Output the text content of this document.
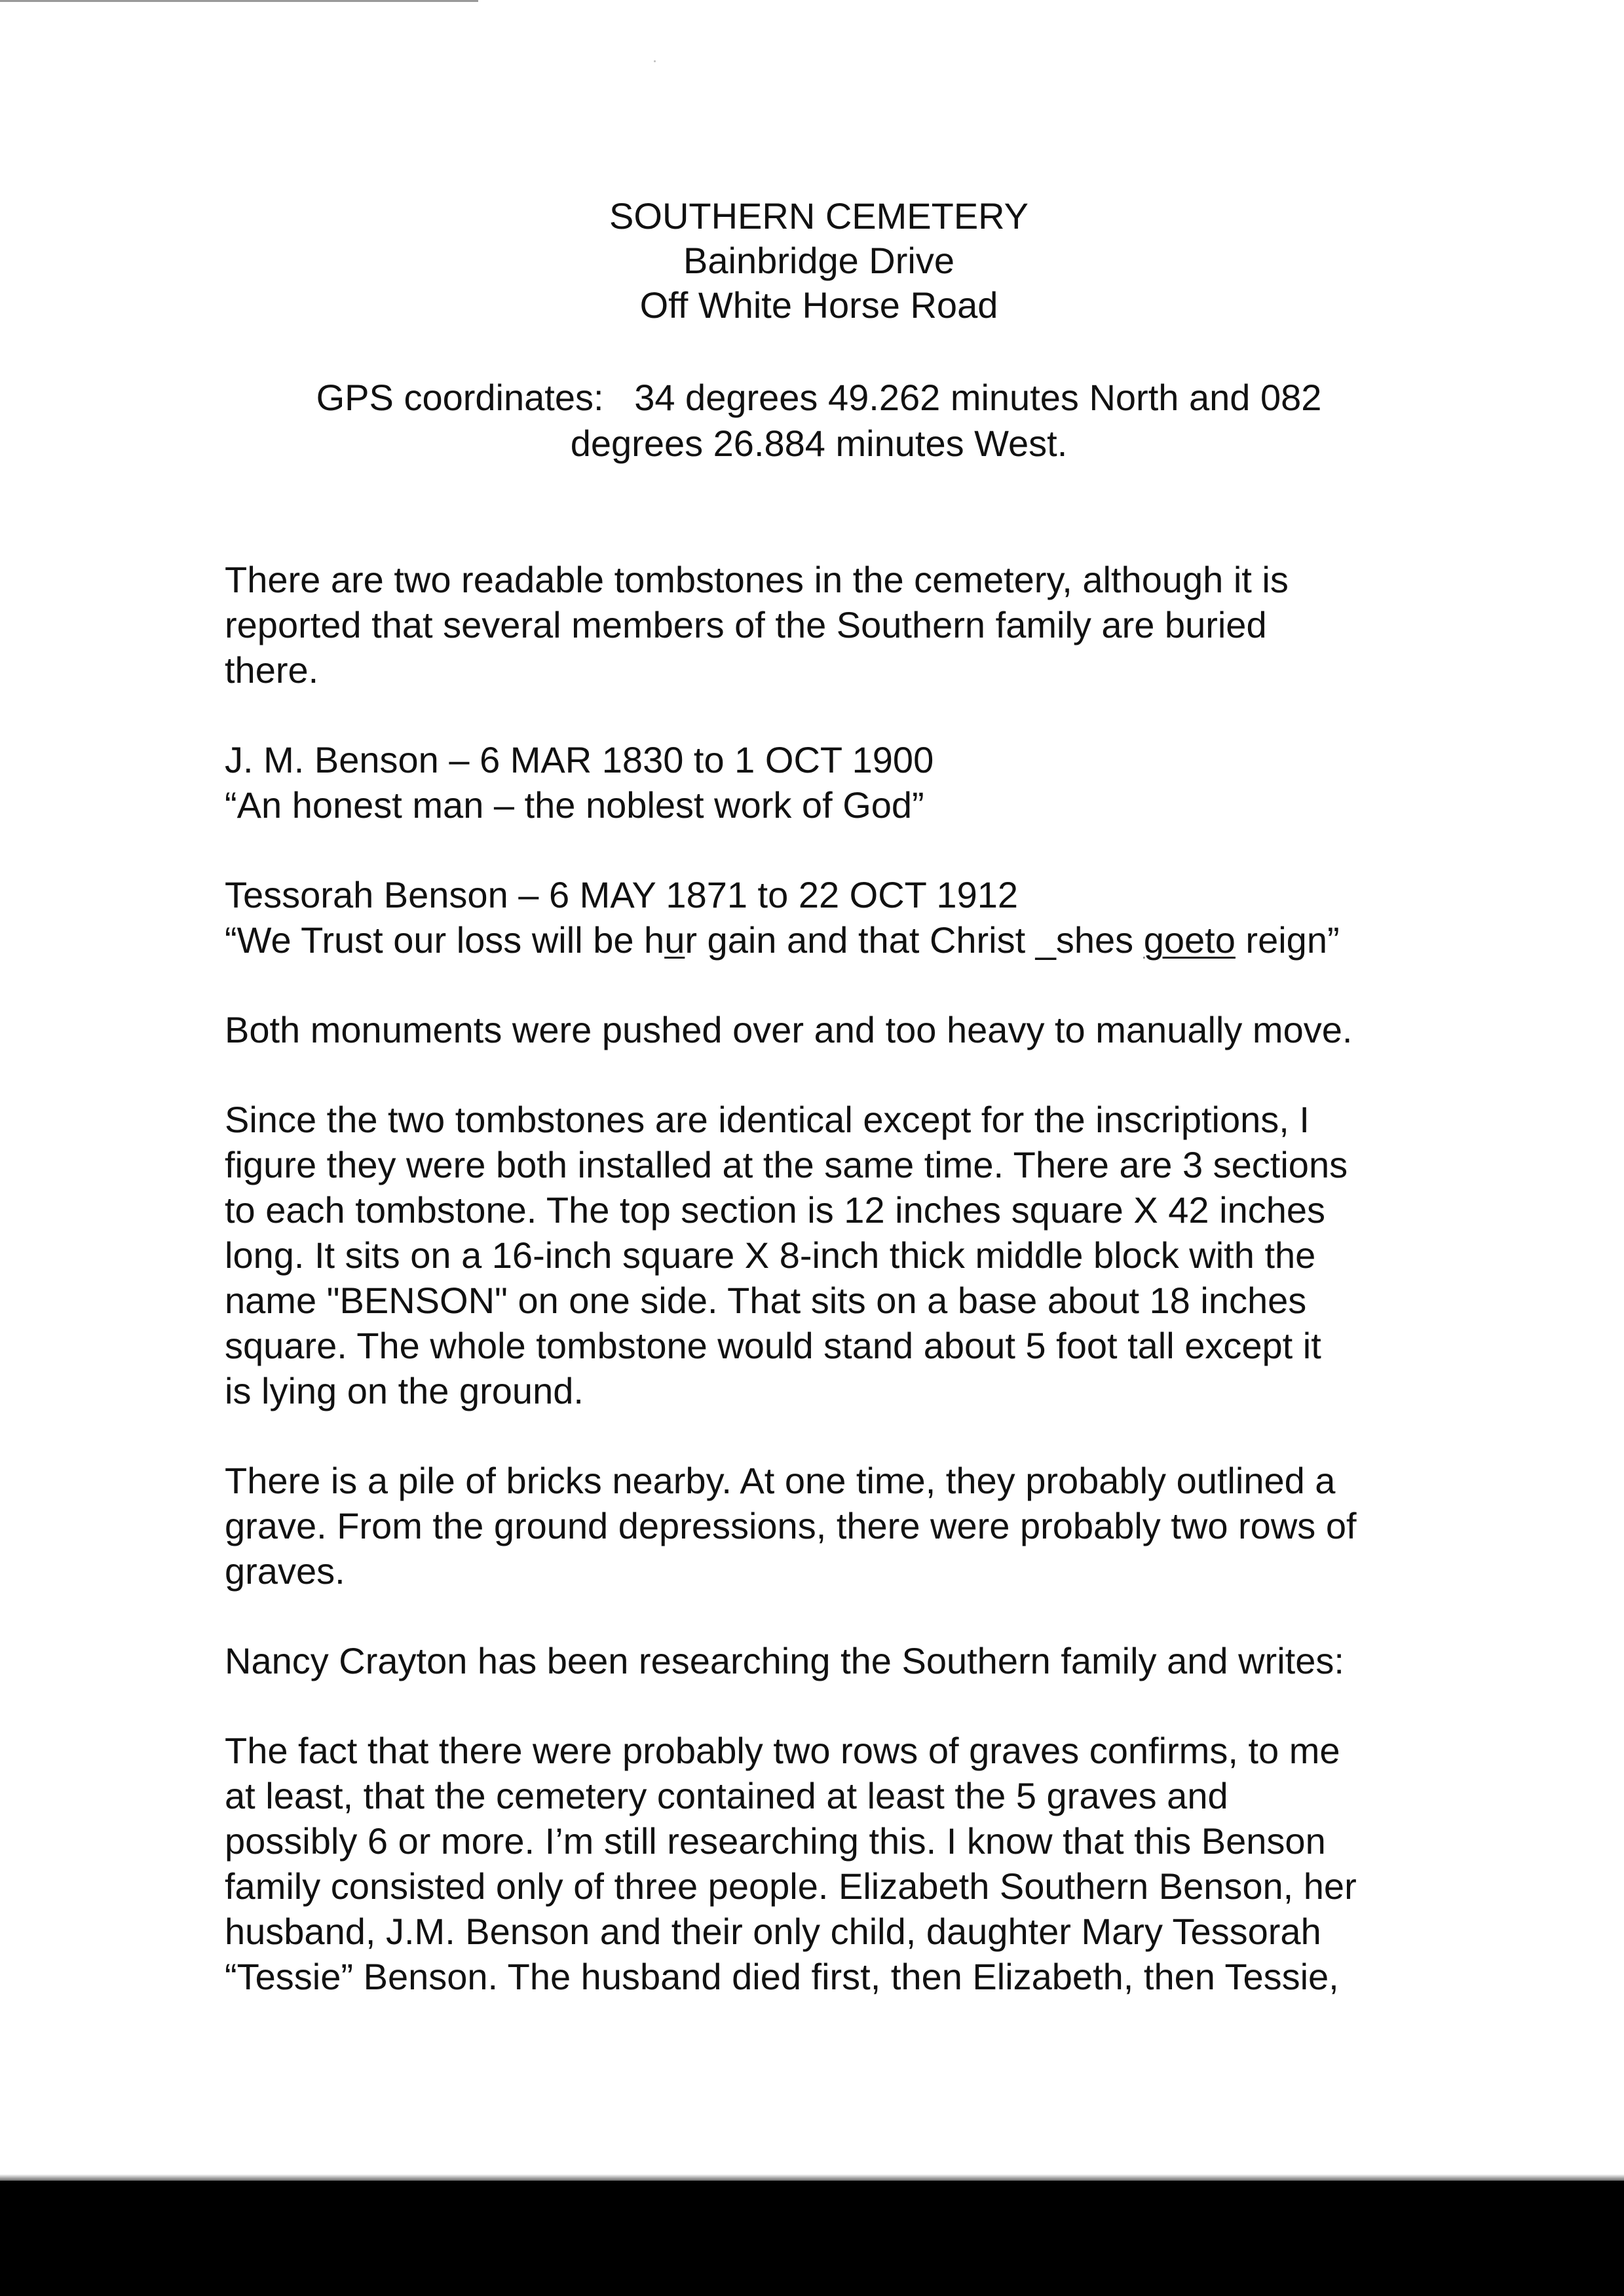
SOUTHERN CEMETERY
Bainbridge Drive
Off White Horse Road
GPS coordinates:   34 degrees 49.262 minutes North and 082
degrees 26.884 minutes West.

There are two readable tombstones in the cemetery, although it is
reported that several members of the Southern family are buried
there.

J. M. Benson – 6 MAR 1830 to 1 OCT 1900
“An honest man – the noblest work of God”

Tessorah Benson – 6 MAY 1871 to 22 OCT 1912
“We Trust our loss will be hur gain and that Christ _shes goeto reign”

Both monuments were pushed over and too heavy to manually move.

Since the two tombstones are identical except for the inscriptions, I
figure they were both installed at the same time. There are 3 sections
to each tombstone. The top section is 12 inches square X 42 inches
long. It sits on a 16-inch square X 8-inch thick middle block with the
name "BENSON" on one side. That sits on a base about 18 inches
square. The whole tombstone would stand about 5 foot tall except it
is lying on the ground.

There is a pile of bricks nearby. At one time, they probably outlined a
grave. From the ground depressions, there were probably two rows of
graves.

Nancy Crayton has been researching the Southern family and writes:

The fact that there were probably two rows of graves confirms, to me
at least, that the cemetery contained at least the 5 graves and
possibly 6 or more. I’m still researching this. I know that this Benson
family consisted only of three people. Elizabeth Southern Benson, her
husband, J.M. Benson and their only child, daughter Mary Tessorah
“Tessie” Benson. The husband died first, then Elizabeth, then Tessie,
